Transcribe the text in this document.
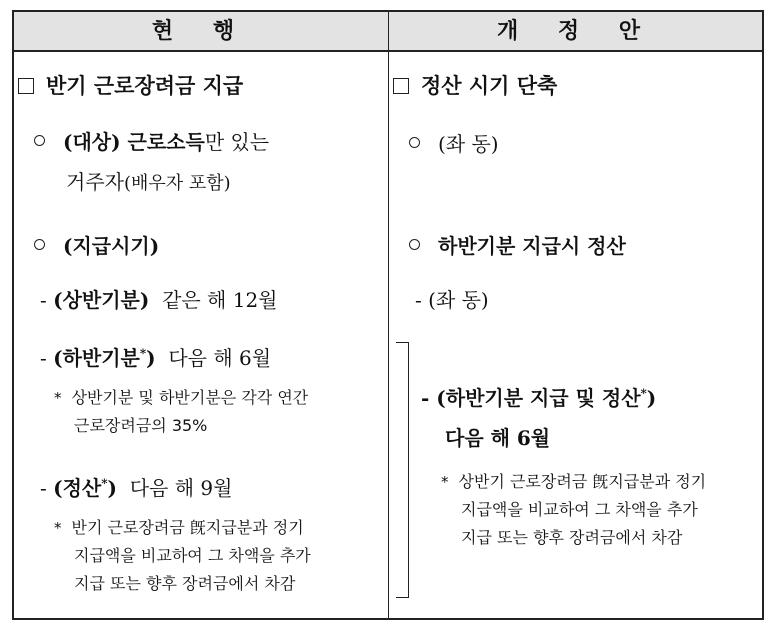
현 행	개 정 안
반기 근로장려금 지급
(대상) 근로소득만 있는
거주자(배우자 포함)
(지급시기)
- (상반기분) 같은 해 12월
- (하반기분*) 다음 해 6월
* 상반기분 및 하반기분은 각각 연간
근로장려금의 35%
- (정산*) 다음 해 9월
* 반기 근로장려금 旣지급분과 정기
지급액을 비교하여 그 차액을 추가
지급 또는 향후 장려금에서 차감
정산 시기 단축
(좌 동)
하반기분 지급시 정산
- (좌 동)
- (하반기분 지급 및 정산*)
다음 해 6월
* 상반기 근로장려금 旣지급분과 정기
지급액을 비교하여 그 차액을 추가
지급 또는 향후 장려금에서 차감
